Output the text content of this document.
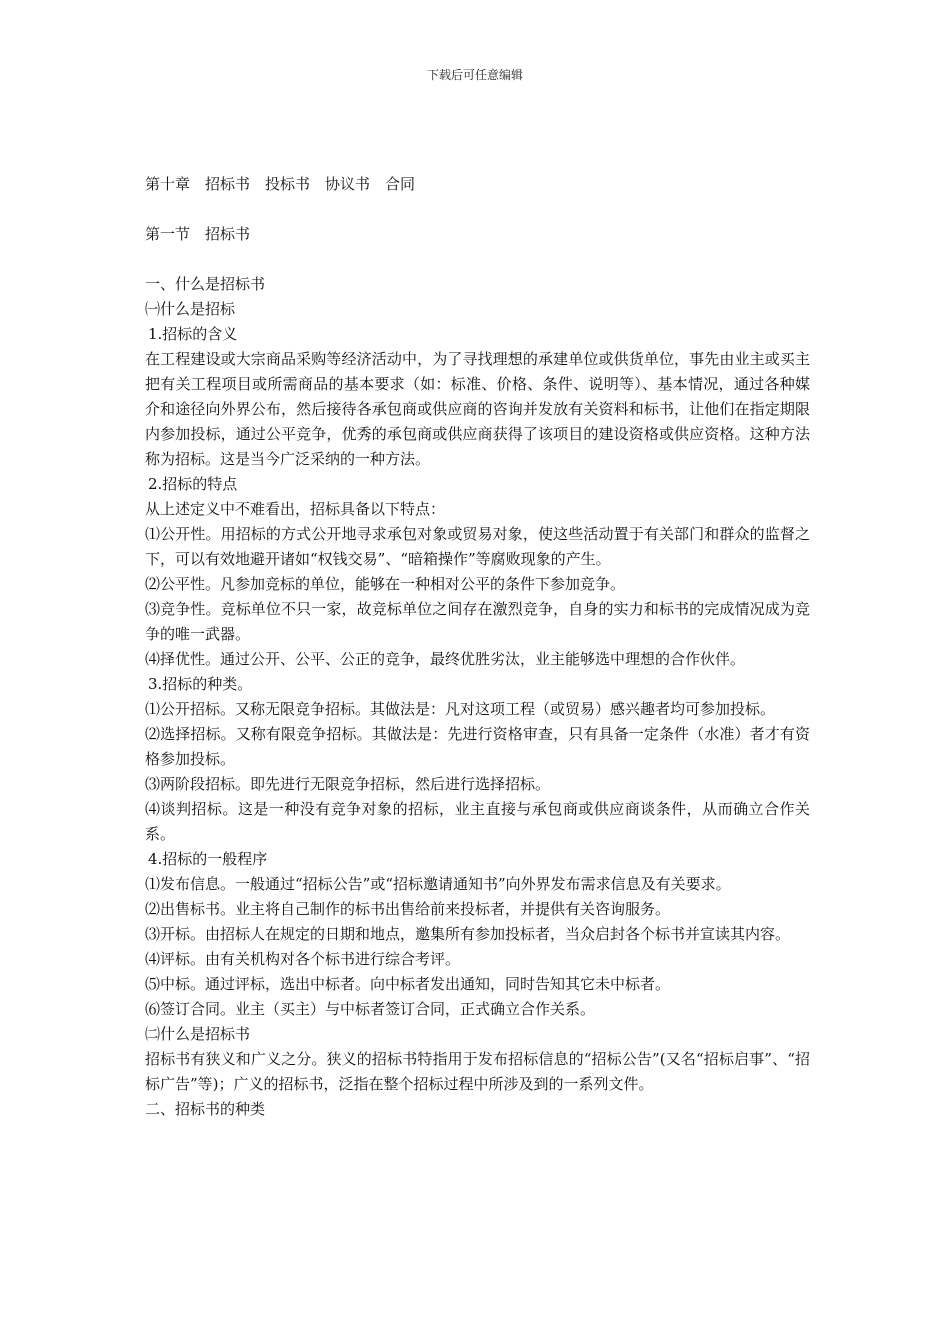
下载后可任意编辑

第十章　招标书　投标书　协议书　合同

第一节　招标书

一、什么是招标书

㈠什么是招标

1.招标的含义

在工程建设或大宗商品采购等经济活动中，为了寻找理想的承建单位或供货单位，事先由业主或买主把有关工程项目或所需商品的基本要求（如：标准、价格、条件、说明等）、基本情况，通过各种媒介和途径向外界公布，然后接待各承包商或供应商的咨询并发放有关资料和标书，让他们在指定期限内参加投标，通过公平竞争，优秀的承包商或供应商获得了该项目的建设资格或供应资格。这种方法称为招标。这是当今广泛采纳的一种方法。

2.招标的特点

从上述定义中不难看出，招标具备以下特点：

⑴公开性。用招标的方式公开地寻求承包对象或贸易对象，使这些活动置于有关部门和群众的监督之下，可以有效地避开诸如“权钱交易”、“暗箱操作”等腐败现象的产生。

⑵公平性。凡参加竞标的单位，能够在一种相对公平的条件下参加竞争。

⑶竞争性。竞标单位不只一家，故竞标单位之间存在激烈竞争，自身的实力和标书的完成情况成为竞争的唯一武器。

⑷择优性。通过公开、公平、公正的竞争，最终优胜劣汰，业主能够选中理想的合作伙伴。

3.招标的种类。

⑴公开招标。又称无限竞争招标。其做法是：凡对这项工程（或贸易）感兴趣者均可参加投标。

⑵选择招标。又称有限竞争招标。其做法是：先进行资格审查，只有具备一定条件（水准）者才有资格参加投标。

⑶两阶段招标。即先进行无限竞争招标，然后进行选择招标。

⑷谈判招标。这是一种没有竞争对象的招标，业主直接与承包商或供应商谈条件，从而确立合作关系。

4.招标的一般程序

⑴发布信息。一般通过“招标公告”或“招标邀请通知书”向外界发布需求信息及有关要求。

⑵出售标书。业主将自己制作的标书出售给前来投标者，并提供有关咨询服务。

⑶开标。由招标人在规定的日期和地点，邀集所有参加投标者，当众启封各个标书并宣读其内容。

⑷评标。由有关机构对各个标书进行综合考评。

⑸中标。通过评标，选出中标者。向中标者发出通知，同时告知其它未中标者。

⑹签订合同。业主（买主）与中标者签订合同，正式确立合作关系。

㈡什么是招标书

招标书有狭义和广义之分。狭义的招标书特指用于发布招标信息的“招标公告”(又名“招标启事”、“招标广告”等)；广义的招标书，泛指在整个招标过程中所涉及到的一系列文件。

二、招标书的种类
